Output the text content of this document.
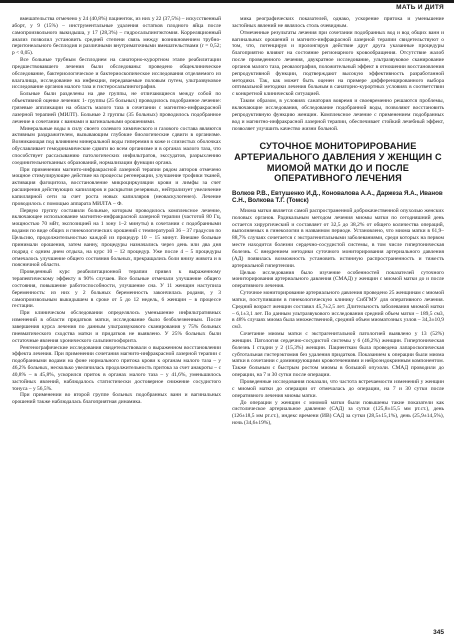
МАТЬ И ДИТЯ

вмешательства отмечено у 24 (40,8%) пациенток, из них у 22 (37,5%) – искусственный аборт, у 9 (15%) – инструментальные удаления остатков плодного яйца после самопроизвольного выкидыша, у 17 (28,3%) – гидросальпингэктомия. Корреляционный анализ позволил установить средней степени связь между возникновением трубно-перитонеального бесплодия и различными внутриматочными вмешательствами (r = 0,52; p < 0,05).

Все больные трубным бесплодием на санаторно-курортном этапе реабилитации предшествовавшего лечения были обследованы: проведено общеклиническое обследование, бактериологическое и бактериоскопическое исследования отделяемого из влагалища, исследование на инфекции, передаваемые половым путем, ультразвуковое исследование органов малого таза и гистеросальпингография.

Больные были разделены на две группы, не отличающиеся между собой по объективной оценке лечения: 1- группы (25 больных) проводилось подобранное лечение: грязевые аппликации на область малого таза в сочетании с магнитно-инфракрасной лазерной терапией (МИЛТ). Больные 2 группы (35 больных) проводилось подобранное лечение в сочетании с ваннами и вагинальными орошениями.

Минеральные воды в силу своего солевого химического и газового состава являются активным раздражителем, вызывающим глубокие биологические сдвиги в организме. Возникающая под влиянием минеральной воды гиперемия в коже и слизистых оболочках обуславливает гемодинамические сдвиги во всем организме и в органах малого таза, что способствует рассасыванию патологических инфильтратов, экссудатов, разрыхлению соединительнотканных образований, нормализации функции органа.

При применении магнито-инфракрасной лазерной терапии рядом авторов отмечено мощное стимулирующее действие на процессы регенерации, улучшение трофики тканей, активация фагоцитоза, восстановление микроциркуляции крови и лимфы за счет расширения действующих капилляров и раскрытия резервных, нейтрализует увеличение капиллярной сети за счет роста новых капилляров (неоваскулогенез). Лечение проводилось с помощью аппарата МИЛТА – Ф.

Первую группу составили больные, которым проводилось комплексное лечение, включающее использование магнитно-инфракрасной лазерной терапии (частотой 80 Гц, мощностью 70 мВт, экспозицией на 1 зону 1–2 минуты) в сочетании с подобранными водами по виде общих и гинекологических орошений с температурой 36 – 37 градусов по Цельсию, продолжительностью каждой из процедур 10 – 15 минут. Внешне больные принимали орошения, затем ванну, процедуры назначались через день или два дня подряд с одним днем отдыха, на курс 10 – 12 процедур. Уже после 4 – 5 процедуры отмечалось улучшение общего состояния больных, прекращались боли внизу живота и в поясничной области.

Проведенный курс реабилитационной терапии привел к выраженному терапевтическому эффекту в 90% случаев. Все больные отмечали улучшение общего состояния, повышение работоспособности, улучшение сна. У 11 женщин наступила беременность: из них у 2 больных беременность закончилась родами, у 3 самопроизвольным выкидышем в сроке от 5 до 12 недель, 6 женщин – в процессе гестации.

При клиническом обследовании определялось уменьшение инфильтративных изменений в области придатков матки, исследование было безболезненным. После завершения курса лечения по данным ультразвукового сканирования у 75% больных пневматического сходства матки и придатков не выявлено. У 25% больных были остаточные явления хронического сальпингоофорита.

Ренгенографические исследования свидетельствовали о выраженном восстановлении эффекта лечения. При применении сочетания магнито-инфракрасной лазерной терапии с подобранными водами на фоне нормального притока крови к органам малого таза – у 46,2% больных, несколько увеличилась продолжительность притока за счет анакроты – с 40,8% – в 45,8%, ускорился приток в органах малого таза – у 41,6%, уменьшилось застойных явлений, наблюдалось статистически достоверное снижение сосудистого тонуса – у 56,5%.

При применении во второй группе больных подобранных ванн и вагинальных орошений также наблюдалась благоприятная динамика.

мика реографических показателей, однако, ускорение притока и уменьшение застойных явлений не являлось столь очевидным.

Отмеченные результаты лечения при сочетании подобранных вод и вод общих ванн и вагинальных орошений и магнито-инфракрасной лазерной терапии свидетельствуют о том, что, потенцируя и пролонгируя действие друг друга указанные процедуры благоприятно влияют на состояние регионарного кровообращения. Отсутствие жалоб после проведенного лечения, двукратное исследование, ультразвуковое сканирование органов малого таза, реовазография, положительный эффект в отношении восстановления репродуктивной функции, подтверждают высокую эффективность разработанной методики. Так, как может быть оценен на примере дифференцированного выбора оптимальной методики лечения больным в санаторно-курортных условиях в соответствии с конкретной клинической ситуацией.

Таким образом, в условиях санатория вовремя и своевременно решаются проблемы, включающие исследования, обследование подобранной воды, позволяют восстановить репродуктивную функцию женщин. Комплексное лечение с применением подобранных вод и магнитно-инфракрасной лазерной терапии, обеспечивает стойкий лечебный эффект, позволяет улучшить качество жизни больной.

СУТОЧНОЕ МОНИТОРИРОВАНИЕ АРТЕРИАЛЬНОГО ДАВЛЕНИЯ У ЖЕНЩИН С МИОМОЙ МАТКИ ДО И ПОСЛЕ ОПЕРАТИВНОГО ЛЕЧЕНИЯ
Волков Р.В., Евтушенко И.Д., Коновалова А.А., Даржеза Я.А., Иванов С.Н., Волкова Т.Г. (Томск)

Миома матки является самой распространенной доброкачественной опухолью женских половых органов. Радикальным методом лечения миомы матки по сегодняшний день остается хирургический и составляет от 32,5 до 38,2% от общего количества операций, выполняемых в гинекологии в названном периоде. Установлено, что миома матки в 61,9–88,7% случаях сочетается с экстрагенитальными заболеваниями, среди которых на первом месте находится болезни сердечно-сосудистой системы, в том числе гипертоническая болезнь. С внедрением методики суточного мониторирования артериального давления (АД) появилась возможность установить истинную распространенность и тяжесть артериальной гипертензии.

Целью исследования было изучение особенностей показателей суточного мониторирования артериального давления (СМАД) у женщин с миомой матки до и после оперативного лечения.

Суточное мониторирование артериального давления проведено 25 женщинам с миомой матки, поступившим в гинекологическую клинику СибГМУ для оперативного лечения. Средний возраст женщин составил 45,7±2,5 лет. Длительность заболевания миомой матки – 6,1±3,1 лет. По данным ультразвукового исследования средний объем матки – 189,5 см3, в 48% случаях миома была множественной, средний объем миоматозных узлов – 34,3±10,9 см3.

Сочетание миомы матки с экстрагенитальной патологией выявлено у 13 (52%) женщин. Патология сердечно-сосудистой системы у 6 (46,2%) женщин. Гипертоническая болезнь I стадии у 2 (15,3%) женщин. Пациенткам была проведена лапароскопическая субтотальная гистерэктомия без удаления придатков. Показанием к операции были миома матки в сочетании с доминирующими кровотечениями и нейроэндокринным компонентом. Также больным с быстрым ростом миомы в большой опухоли. СМАД проводили до операции, на 7 и 30 сутки после операции.

Проведенные исследования показали, что частота встречаемости изменений у женщин с миомой матки до операции от отмечалась до операции, на 7 и 30 сутки после оперативного лечения миомы матки.

До операции у женщин с миомой матки были повышены такие показатели как систолическое артериальное давление (САД) за сутки (125,8±15,5 мм рт.ст.), день (126±18,5 мм рт.ст.), индекс времени (ИВ) САД за сутки (28,5±15,1%), день (25,9±14,5%), ночь (34,6±19%),

345
